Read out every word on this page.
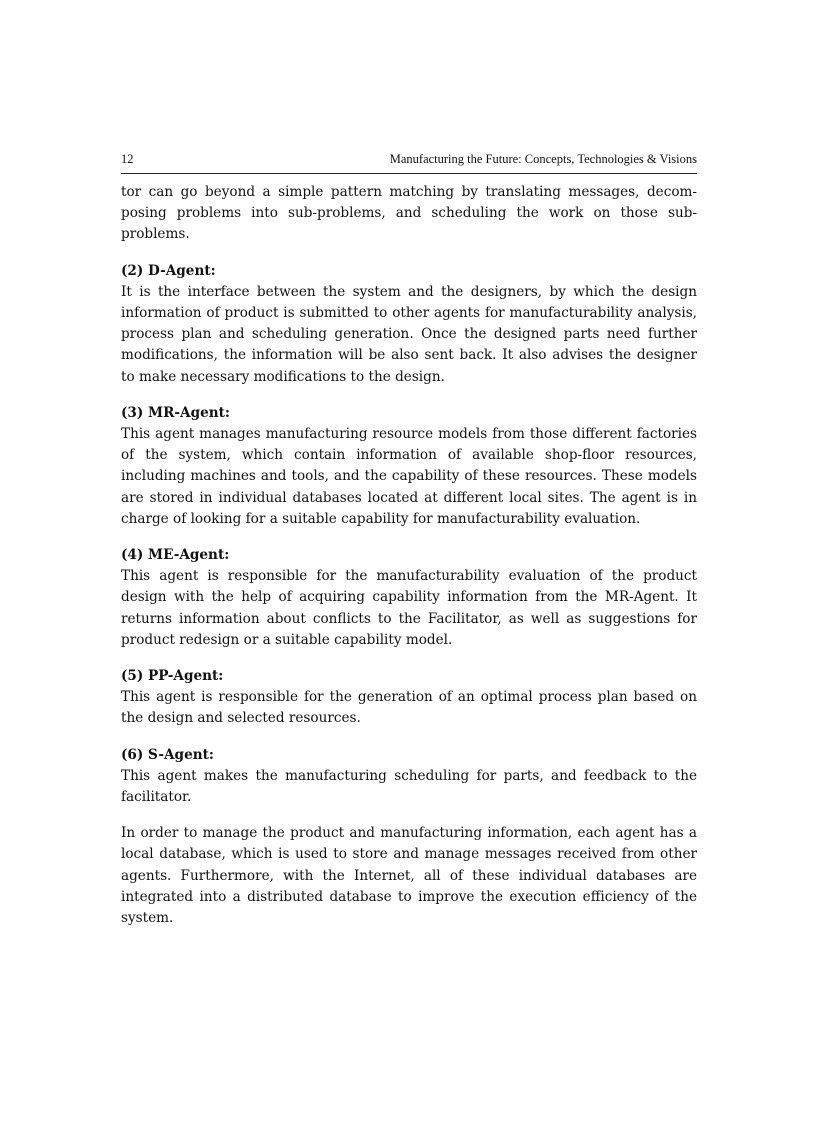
12	Manufacturing the Future: Concepts, Technologies & Visions

tor can go beyond a simple pattern matching by translating messages, decomposing problems into sub-problems, and scheduling the work on those subproblems.

(2) D-Agent:

It is the interface between the system and the designers, by which the design information of product is submitted to other agents for manufacturability analysis, process plan and scheduling generation. Once the designed parts need further modifications, the information will be also sent back. It also advises the designer to make necessary modifications to the design.

(3) MR-Agent:

This agent manages manufacturing resource models from those different factories of the system, which contain information of available shop-floor resources, including machines and tools, and the capability of these resources. These models are stored in individual databases located at different local sites. The agent is in charge of looking for a suitable capability for manufacturability evaluation.

(4) ME-Agent:

This agent is responsible for the manufacturability evaluation of the product design with the help of acquiring capability information from the MR-Agent. It returns information about conflicts to the Facilitator, as well as suggestions for product redesign or a suitable capability model.

(5) PP-Agent:

This agent is responsible for the generation of an optimal process plan based on the design and selected resources.

(6) S-Agent:

This agent makes the manufacturing scheduling for parts, and feedback to the facilitator.

In order to manage the product and manufacturing information, each agent has a local database, which is used to store and manage messages received from other agents. Furthermore, with the Internet, all of these individual databases are integrated into a distributed database to improve the execution efficiency of the system.
